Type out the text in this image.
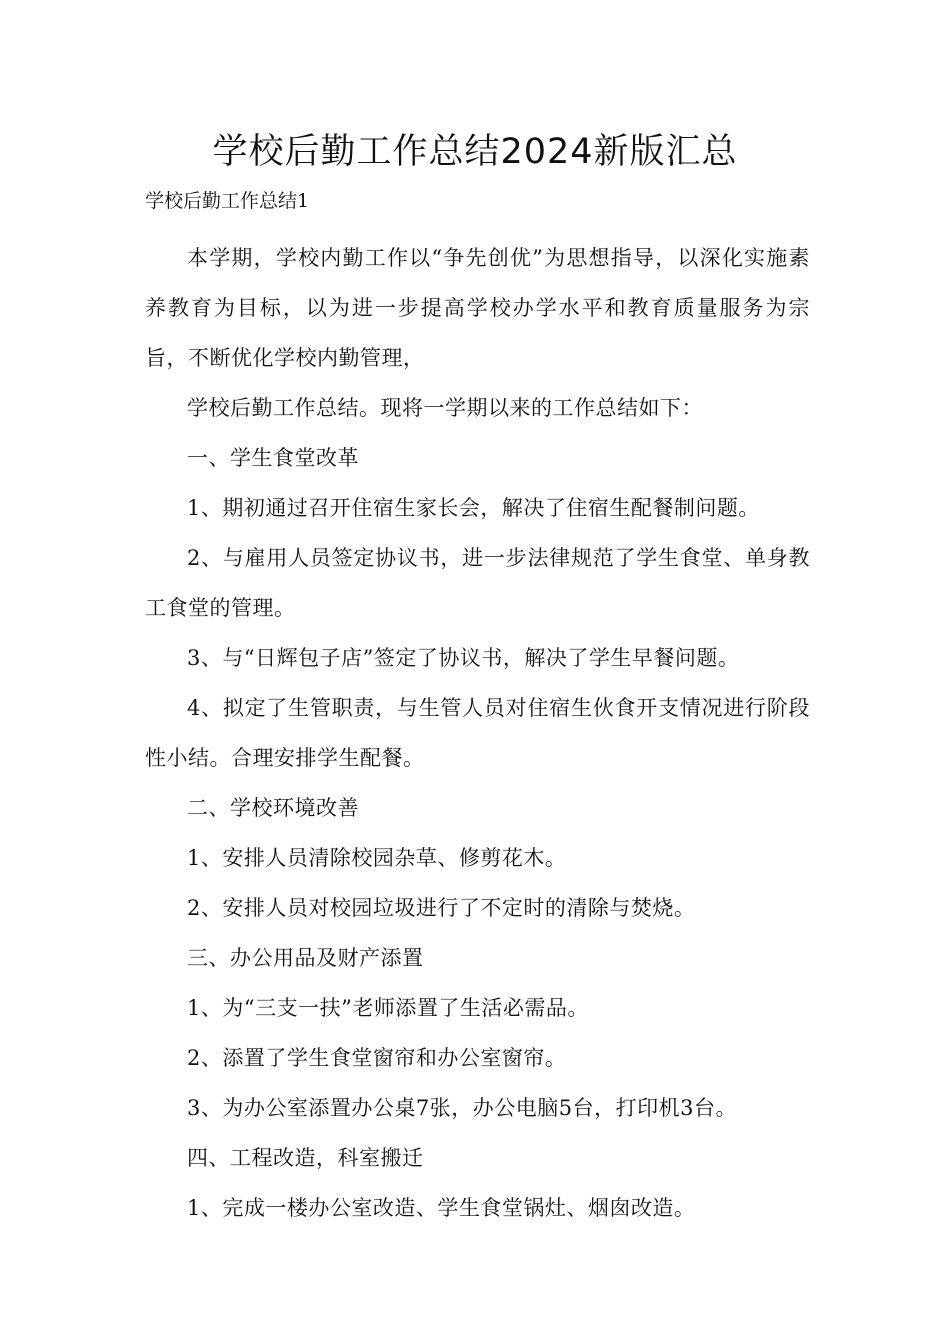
学校后勤工作总结2024新版汇总
学校后勤工作总结1

本学期，学校内勤工作以“争先创优”为思想指导，以深化实施素养教育为目标，以为进一步提高学校办学水平和教育质量服务为宗旨，不断优化学校内勤管理，

学校后勤工作总结。现将一学期以来的工作总结如下：

一、学生食堂改革

1、期初通过召开住宿生家长会，解决了住宿生配餐制问题。

2、与雇用人员签定协议书，进一步法律规范了学生食堂、单身教工食堂的管理。

3、与“日辉包子店”签定了协议书，解决了学生早餐问题。

4、拟定了生管职责，与生管人员对住宿生伙食开支情况进行阶段性小结。合理安排学生配餐。

二、学校环境改善

1、安排人员清除校园杂草、修剪花木。

2、安排人员对校园垃圾进行了不定时的清除与焚烧。

三、办公用品及财产添置

1、为“三支一扶”老师添置了生活必需品。

2、添置了学生食堂窗帘和办公室窗帘。

3、为办公室添置办公桌7张，办公电脑5台，打印机3台。

四、工程改造，科室搬迁

1、完成一楼办公室改造、学生食堂锅灶、烟囱改造。
